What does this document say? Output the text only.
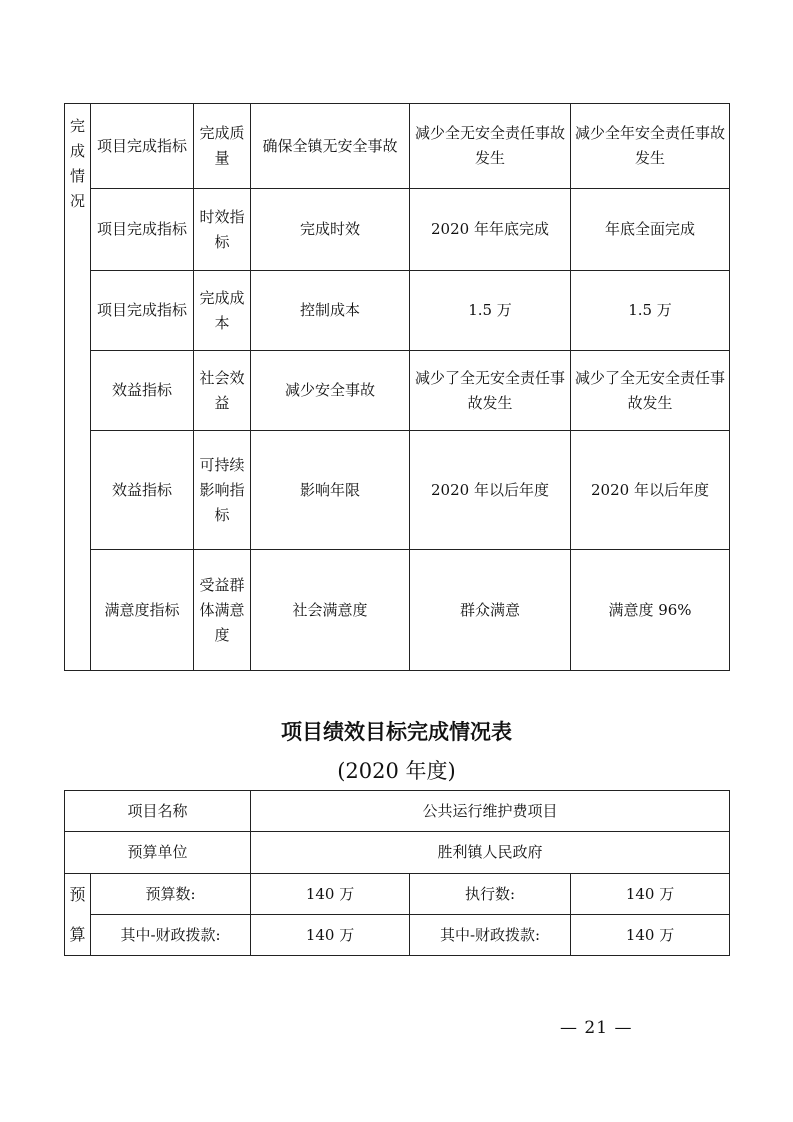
完
成
情
况	项目完成指标	完成质量	确保全镇无安全事故	减少全无安全责任事故发生	减少全年安全责任事故发生
	项目完成指标	时效指标	完成时效	2020 年年底完成	年底全面完成
	项目完成指标	完成成本	控制成本	1.5 万	1.5 万
	效益指标	社会效益	减少安全事故	减少了全无安全责任事故发生	减少了全无安全责任事故发生
	效益指标	可持续影响指标	影响年限	2020 年以后年度	2020 年以后年度
	满意度指标	受益群体满意度	社会满意度	群众满意	满意度 96%
项目绩效目标完成情况表
(2020 年度)
项目名称		公共运行维护费项目		
预算单位		胜利镇人民政府		

预
算	预算数:	140 万	执行数:	140 万
	其中-财政拨款:	140 万	其中-财政拨款:	140 万
— 21 —
